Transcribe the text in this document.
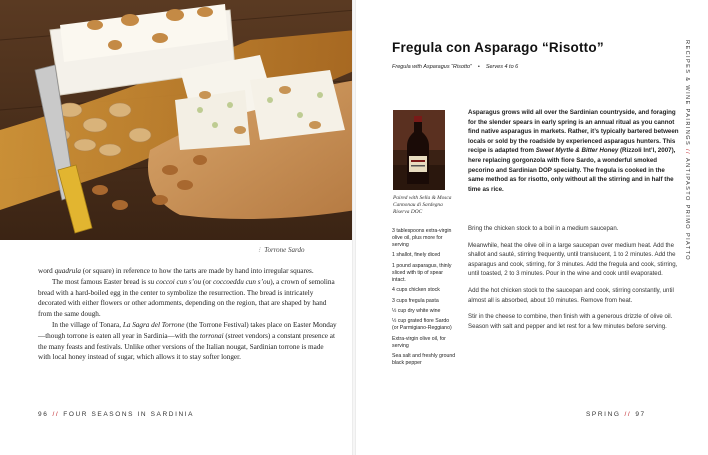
⁝ Torrone Sardo

word quadrula (or square) in reference to how the tarts are made by hand into irregular squares.

The most famous Easter bread is su coccoi cun s’ou (or coccoeddu cun s’ou), a crown of semolina bread with a hard-boiled egg in the center to symbolize the resurrection. The bread is intricately decorated with either flowers or other adornments, depending on the region, that are shaped by hand from the same dough.

In the village of Tonara, La Sagra del Torrone (the Torrone Festival) takes place on Easter Monday—though torrone is eaten all year in Sardinia—with the torronai (street vendors) a constant presence at the many feasts and festivals. Unlike other versions of the Italian nougat, Sardinian torrone is made with local honey instead of sugar, which allows it to stay softer longer.

96 // FOUR SEASONS IN SARDINIA
Fregula con Asparago “Risotto”
Fregula with Asparagus “Risotto” • Serves 4 to 6
Paired with Sella & Mosca Cannonau di Sardegna Riserva DOC
Asparagus grows wild all over the Sardinian countryside, and foraging for the slender spears in early spring is an annual ritual as you cannot find native asparagus in markets. Rather, it’s typically bartered between locals or sold by the roadside by experienced asparagus hunters. This recipe is adapted from Sweet Myrtle & Bitter Honey (Rizzoli Int’l, 2007), here replacing gorgonzola with fiore Sardo, a wonderful smoked pecorino and Sardinian DOP specialty. The fregula is cooked in the same method as for risotto, only without all the stirring and in half the time as rice.
3 tablespoons extra-virgin olive oil, plus more for serving
1 shallot, finely diced
1 pound asparagus, thinly sliced with tip of spear intact.
4 cups chicken stock
3 cups fregula pasta
½ cup dry white wine
½ cup grated fiore Sardo (or Parmigiano-Reggiano)
Extra-virgin olive oil, for serving
Sea salt and freshly ground black pepper

Bring the chicken stock to a boil in a medium saucepan.

Meanwhile, heat the olive oil in a large saucepan over medium heat. Add the shallot and sauté, stirring frequently, until translucent, 1 to 2 minutes. Add the asparagus and cook, stirring, for 3 minutes. Add the fregula and cook, stirring, until toasted, 2 to 3 minutes. Pour in the wine and cook until evaporated.

Add the hot chicken stock to the saucepan and cook, stirring constantly, until almost all is absorbed, about 10 minutes. Remove from heat.

Stir in the cheese to combine, then finish with a generous drizzle of olive oil. Season with salt and pepper and let rest for a few minutes before serving.

RECIPES & WINE PAIRINGS // ANTIPASTO PRIMO PIATTO
SPRING // 97
